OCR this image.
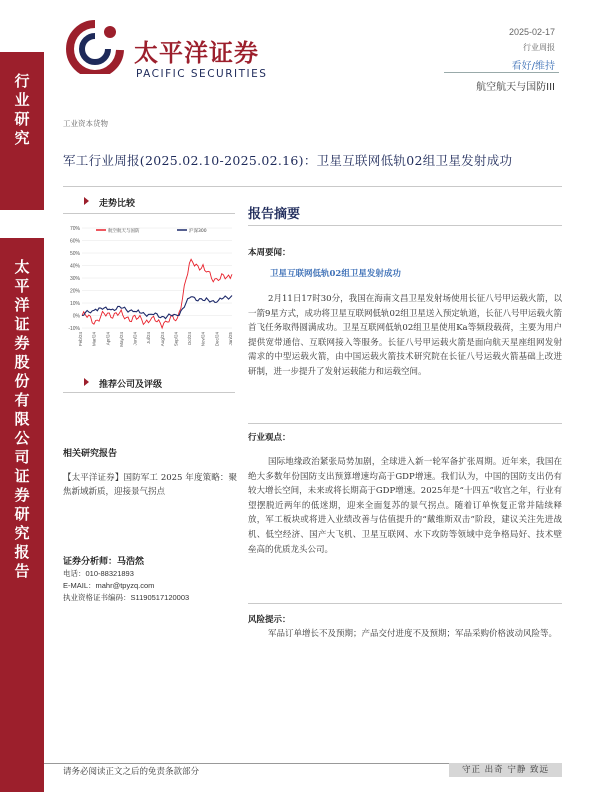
行业研究
太平洋证券股份有限公司证券研究报告
太平洋证券
PACIFIC SECURITIES
2025-02-17
行业周报
看好/维持
航空航天与国防III
工业资本货物
军工行业周报(2025.02.10-2025.02.16)：卫星互联网低轨02组卫星发射成功
走势比较
70%
60%
50%
40%
30%
20%
10%
0%
-10%
Feb/24 Mar/24 Apr/24 May/24 Jun/24 Jul/24 Aug/24 Sep/24 Oct/24 Nov/24 Dec/24 Jan/25
航空航天与国防	沪深300
推荐公司及评级
相关研究报告
【太平洋证券】国防军工 2025 年度策略：聚焦新域新质，迎接景气拐点
证券分析师：马浩然
电话：010-88321893
E-MAIL：mahr@tpyzq.com
执业资格证书编码：S1190517120003
报告摘要
本周要闻：
卫星互联网低轨02组卫星发射成功
2月11日17时30分，我国在海南文昌卫星发射场使用长征八号甲运载火箭，以一箭9星方式，成功将卫星互联网低轨02组卫星送入预定轨道，长征八号甲运载火箭首飞任务取得圆满成功。卫星互联网低轨02组卫星使用Ka等频段载荷，主要为用户提供宽带通信、互联网接入等服务。长征八号甲运载火箭是面向航天星座组网发射需求的中型运载火箭，由中国运载火箭技术研究院在长征八号运载火箭基础上改进研制，进一步提升了发射运载能力和运载空间。
行业观点：
国际地缘政治紧张局势加剧，全球进入新一轮军备扩张周期。近年来，我国在绝大多数年份国防支出预算增速均高于GDP增速。我们认为，中国的国防支出仍有较大增长空间，未来或将长期高于GDP增速。2025年是“十四五”收官之年，行业有望摆脱近两年的低迷期，迎来全面复苏的景气拐点。随着订单恢复正常并陆续释放，军工板块或将进入业绩改善与估值提升的“戴维斯双击”阶段，建议关注先进战机、低空经济、国产大飞机、卫星互联网、水下攻防等领域中竞争格局好、技术壁垒高的优质龙头公司。
风险提示：
军品订单增长不及预期；产品交付进度不及预期；军品采购价格波动风险等。
请务必阅读正文之后的免责条款部分	守正 出奇 宁静 致远
